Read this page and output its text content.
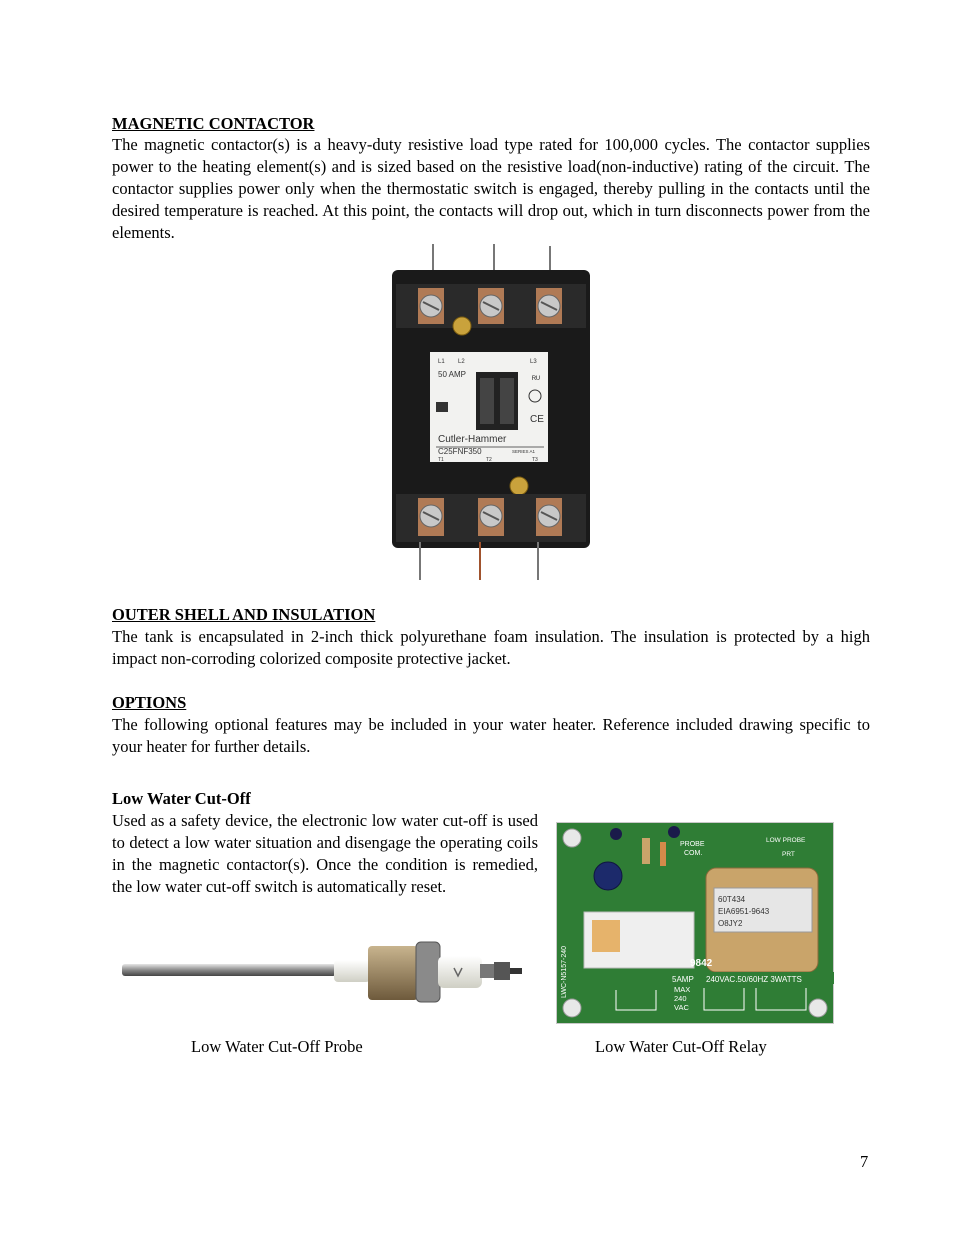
MAGNETIC CONTACTOR
The magnetic contactor(s) is a heavy-duty resistive load type rated for 100,000 cycles. The contactor supplies power to the heating element(s) and is sized based on the resistive load(non-inductive) rating of the circuit. The contactor supplies power only when the thermostatic switch is engaged, thereby pulling in the contacts until the desired temperature is reached. At this point, the contacts will drop out, which in turn disconnects power from the elements.
L1 L2	L3
50 AMP	ᴿᵁ
CE
Cutler-Hammer
C25FNF350	SERIES A1
T1	T2	T3
OUTER SHELL AND INSULATION
The tank is encapsulated in 2-inch thick polyurethane foam insulation. The insulation is protected by a high impact non-corroding colorized composite protective jacket.
OPTIONS
The following optional features may be included in your water heater. Reference included drawing specific to your heater for further details.
Low Water Cut-Off
Used as a safety device, the electronic low water cut-off is used to detect a low water situation and disengage the operating coils in the magnetic contactor(s). Once the condition is remedied, the low water cut-off switch is automatically reset.
60T434
EIA6951-9643
O8JY2
PROBE
COM.
LOW PROBE
PRT
9842
240VAC.50/60HZ 3WATTS
5AMP
MAX
240
VAC
LWC-N5157-240
Low Water Cut-Off Probe	Low Water Cut-Off Relay
7
